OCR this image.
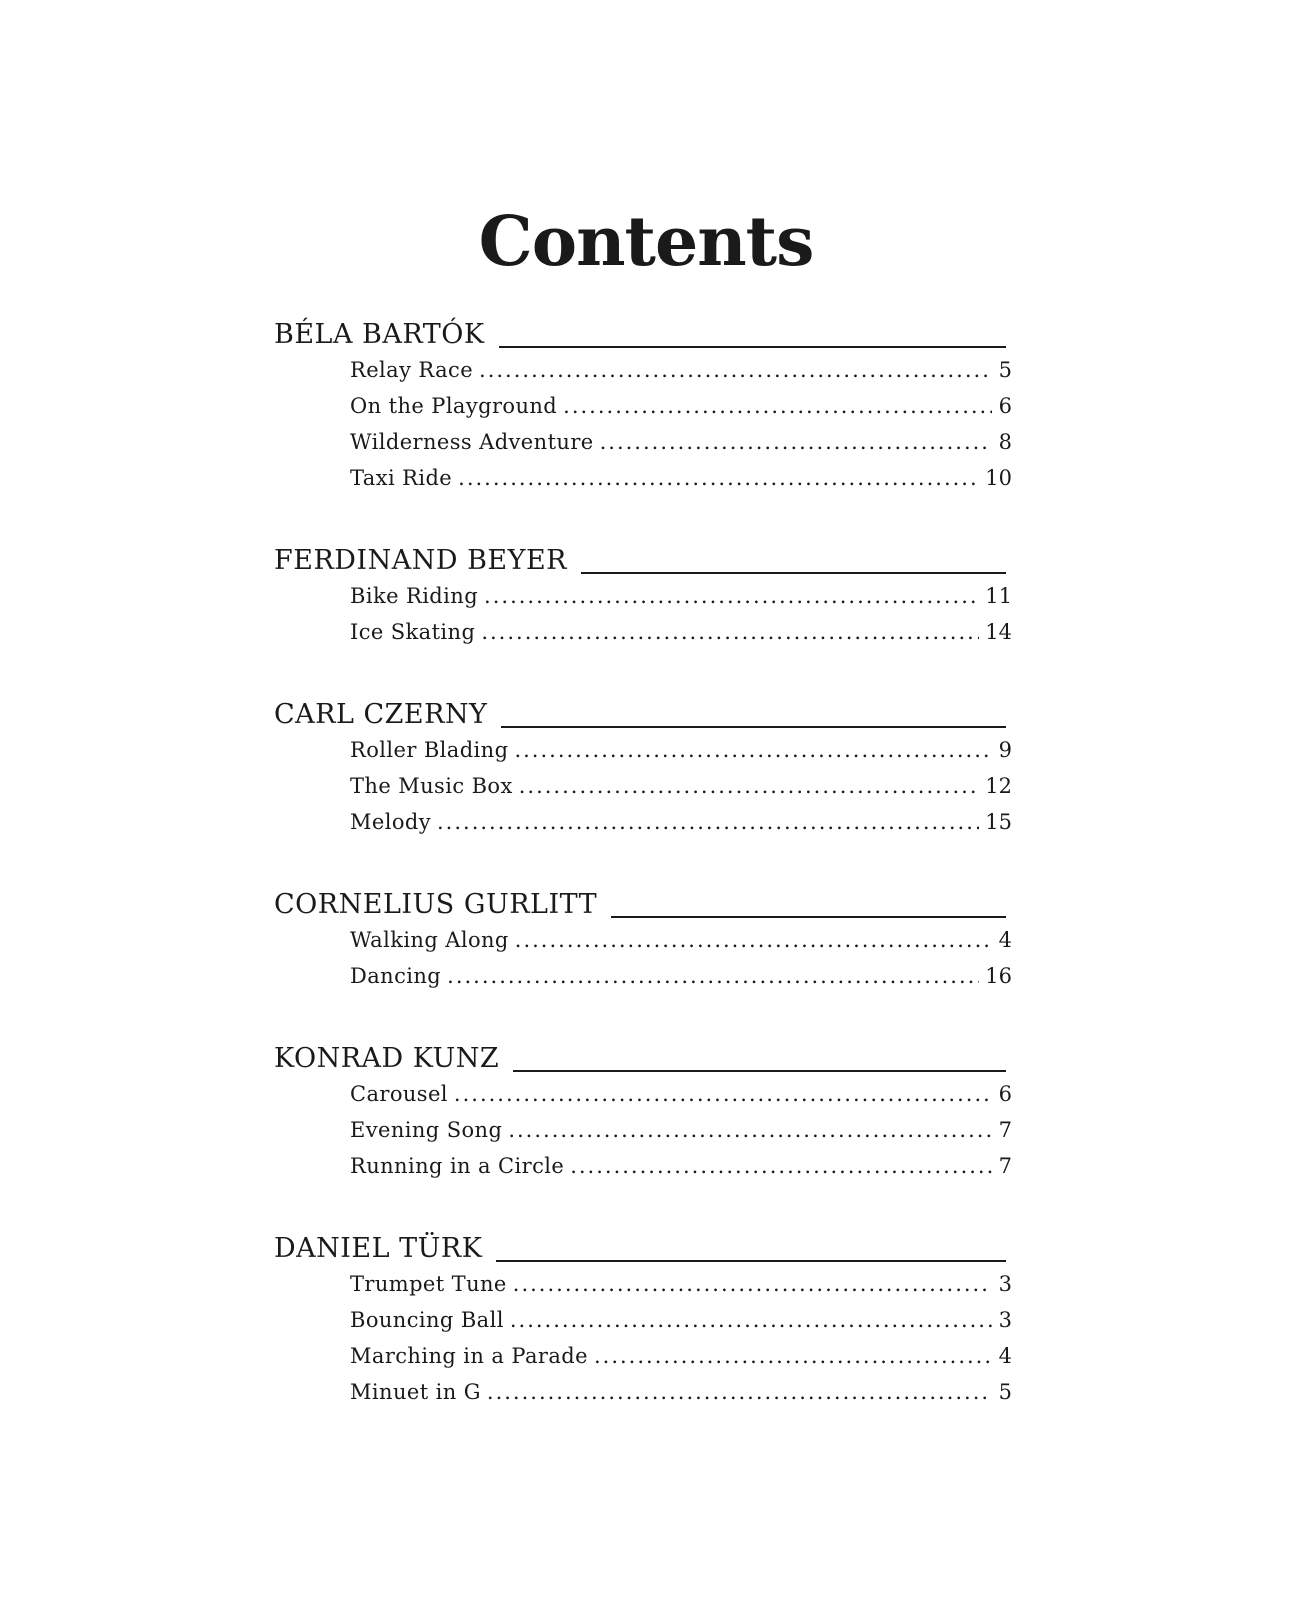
Contents
BÉLA BARTÓK
Relay Race .....	5
On the Playground .....	6
Wilderness Adventure .....	8
Taxi Ride .....	10
FERDINAND BEYER
Bike Riding .....	11
Ice Skating .....	14
CARL CZERNY
Roller Blading .....	9
The Music Box .....	12
Melody .....	15
CORNELIUS GURLITT
Walking Along .....	4
Dancing .....	16
KONRAD KUNZ
Carousel .....	6
Evening Song .....	7
Running in a Circle .....	7
DANIEL TÜRK
Trumpet Tune .....	3
Bouncing Ball .....	3
Marching in a Parade .....	4
Minuet in G .....	5
